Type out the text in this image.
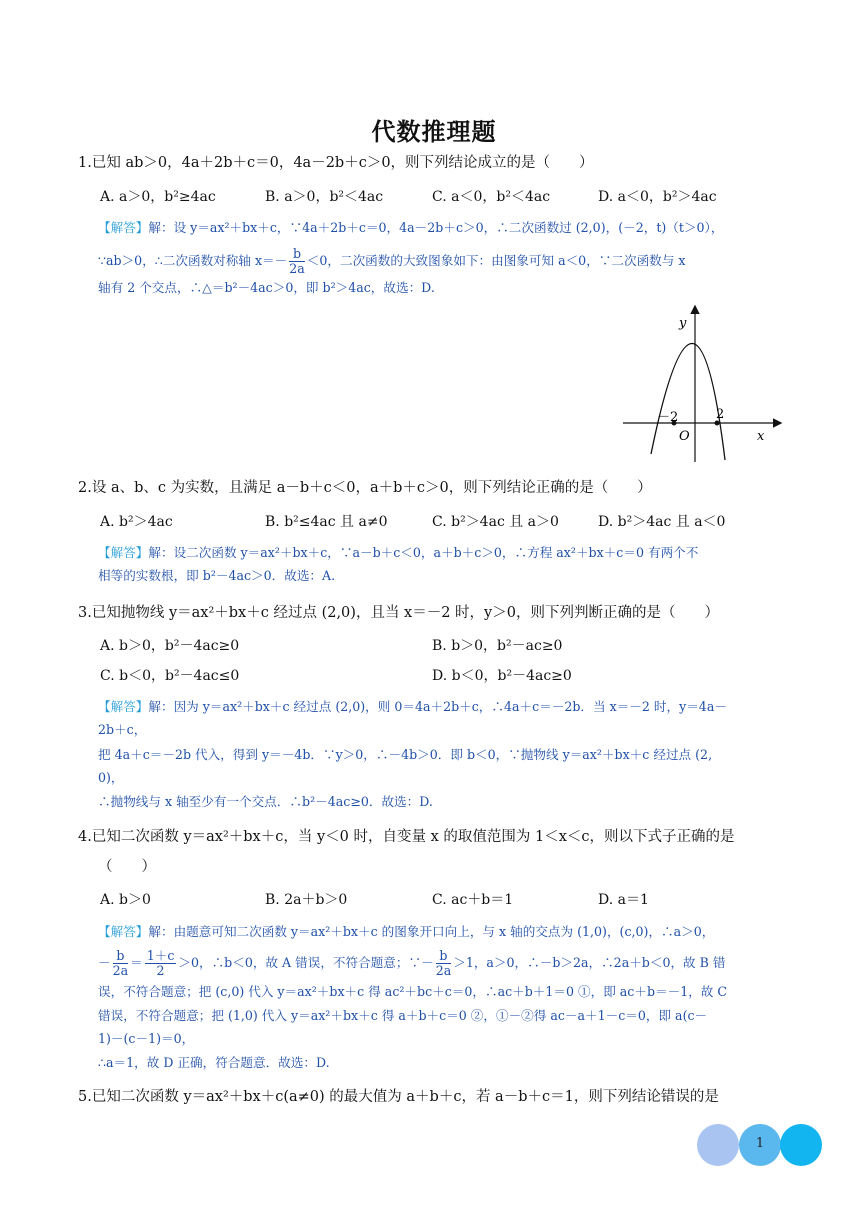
代数推理题
1.已知 ab＞0，4a＋2b＋c＝0，4a－2b＋c＞0，则下列结论成立的是（　　）
A. a＞0，b²≥4ac	B. a＞0，b²＜4ac	C. a＜0，b²＜4ac	D. a＜0，b²＞4ac
【解答】解：设 y＝ax²＋bx＋c，∵4a＋2b＋c＝0，4a－2b＋c＞0，∴二次函数过 (2,0)，(－2，t)（t＞0），
∵ab＞0，∴二次函数对称轴 $x=- \frac{b}{2a} <0$，二次函数的大致图象如下：由图象可知 a＜0，∵二次函数与 x
轴有 2 个交点，∴△＝b²－4ac＞0，即 b²＞4ac，故选：D.
y
x
O
－2	2
2.设 a、b、c 为实数，且满足 a－b＋c＜0，a＋b＋c＞0，则下列结论正确的是（　　）
A. b²＞4ac	B. b²≤4ac 且 a≠0	C. b²＞4ac 且 a＞0	D. b²＞4ac 且 a＜0
【解答】解：设二次函数 y＝ax²＋bx＋c，∵a－b＋c＜0，a＋b＋c＞0，∴方程 ax²＋bx＋c＝0 有两个不
相等的实数根，即 b²－4ac＞0．故选：A.
3.已知抛物线 y＝ax²＋bx＋c 经过点 (2,0)，且当 x＝－2 时，y＞0，则下列判断正确的是（　　）
A. b＞0，b²－4ac≥0	B. b＞0，b²－ac≥0
C. b＜0，b²－4ac≤0	D. b＜0，b²－4ac≥0
【解答】解：因为 y＝ax²＋bx＋c 经过点 (2,0)，则 0＝4a＋2b＋c，∴4a＋c＝－2b．当 x＝－2 时，y＝4a－
2b＋c，
把 4a＋c＝－2b 代入，得到 y＝－4b．∵y＞0，∴－4b＞0．即 b＜0，∵抛物线 y＝ax²＋bx＋c 经过点 (2,
0)，
∴抛物线与 x 轴至少有一个交点．∴b²－4ac≥0．故选：D.
4.已知二次函数 y＝ax²＋bx＋c，当 y＜0 时，自变量 x 的取值范围为 1＜x＜c，则以下式子正确的是
（　　）
A. b＞0	B. 2a＋b＞0	C. ac＋b＝1	D. a＝1
【解答】解：由题意可知二次函数 y＝ax²＋bx＋c 的图象开口向上，与 x 轴的交点为 (1,0)，(c,0)，∴a＞0，
－ $\frac{b}{2a} = \frac{1+c}{2} >0$，∴b＜0，故 A 错误，不符合题意；∵－ $\frac{b}{2a} >1$，a＞0，∴－b＞2a，∴2a＋b＜0，故 B 错
误，不符合题意；把 (c,0) 代入 y＝ax²＋bx＋c 得 ac²＋bc＋c＝0，∴ac＋b＋1＝0 ①，即 ac＋b＝－1，故 C
错误，不符合题意；把 (1,0) 代入 y＝ax²＋bx＋c 得 a＋b＋c＝0 ②，①－②得 ac－a＋1－c＝0，即 a(c－
1)－(c－1)＝0，
∴a＝1，故 D 正确，符合题意．故选：D.
5.已知二次函数 y＝ax²＋bx＋c(a≠0) 的最大值为 a＋b＋c，若 a－b＋c＝1，则下列结论错误的是
1
